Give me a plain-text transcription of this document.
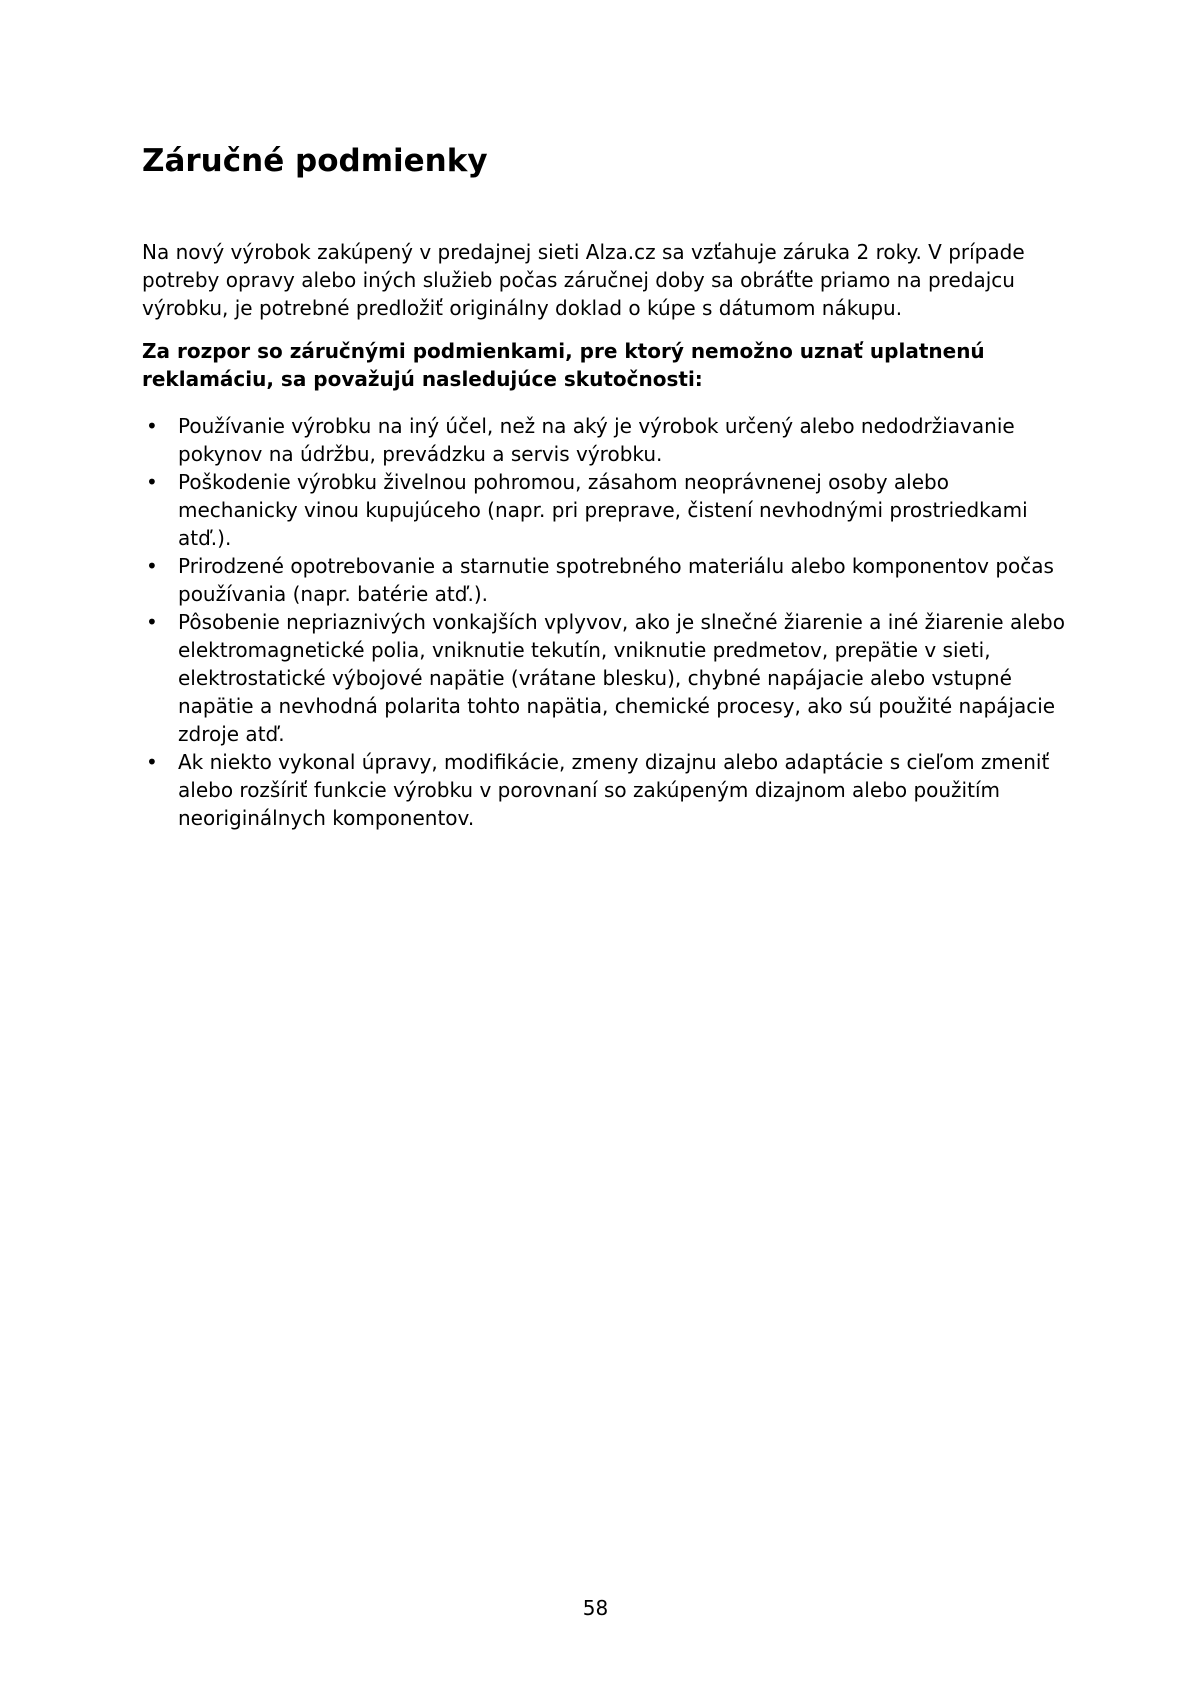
Záručné podmienky

Na nový výrobok zakúpený v predajnej sieti Alza.cz sa vzťahuje záruka 2 roky. V prípade potreby opravy alebo iných služieb počas záručnej doby sa obráťte priamo na predajcu výrobku, je potrebné predložiť originálny doklad o kúpe s dátumom nákupu.

Za rozpor so záručnými podmienkami, pre ktorý nemožno uznať uplatnenú reklamáciu, sa považujú nasledujúce skutočnosti:

• Používanie výrobku na iný účel, než na aký je výrobok určený alebo nedodržiavanie pokynov na údržbu, prevádzku a servis výrobku.
• Poškodenie výrobku živelnou pohromou, zásahom neoprávnenej osoby alebo mechanicky vinou kupujúceho (napr. pri preprave, čistení nevhodnými prostriedkami atď.).
• Prirodzené opotrebovanie a starnutie spotrebného materiálu alebo komponentov počas používania (napr. batérie atď.).
• Pôsobenie nepriaznivých vonkajších vplyvov, ako je slnečné žiarenie a iné žiarenie alebo elektromagnetické polia, vniknutie tekutín, vniknutie predmetov, prepätie v sieti, elektrostatické výbojové napätie (vrátane blesku), chybné napájacie alebo vstupné napätie a nevhodná polarita tohto napätia, chemické procesy, ako sú použité napájacie zdroje atď.
• Ak niekto vykonal úpravy, modifikácie, zmeny dizajnu alebo adaptácie s cieľom zmeniť alebo rozšíriť funkcie výrobku v porovnaní so zakúpeným dizajnom alebo použitím neoriginálnych komponentov.
58
